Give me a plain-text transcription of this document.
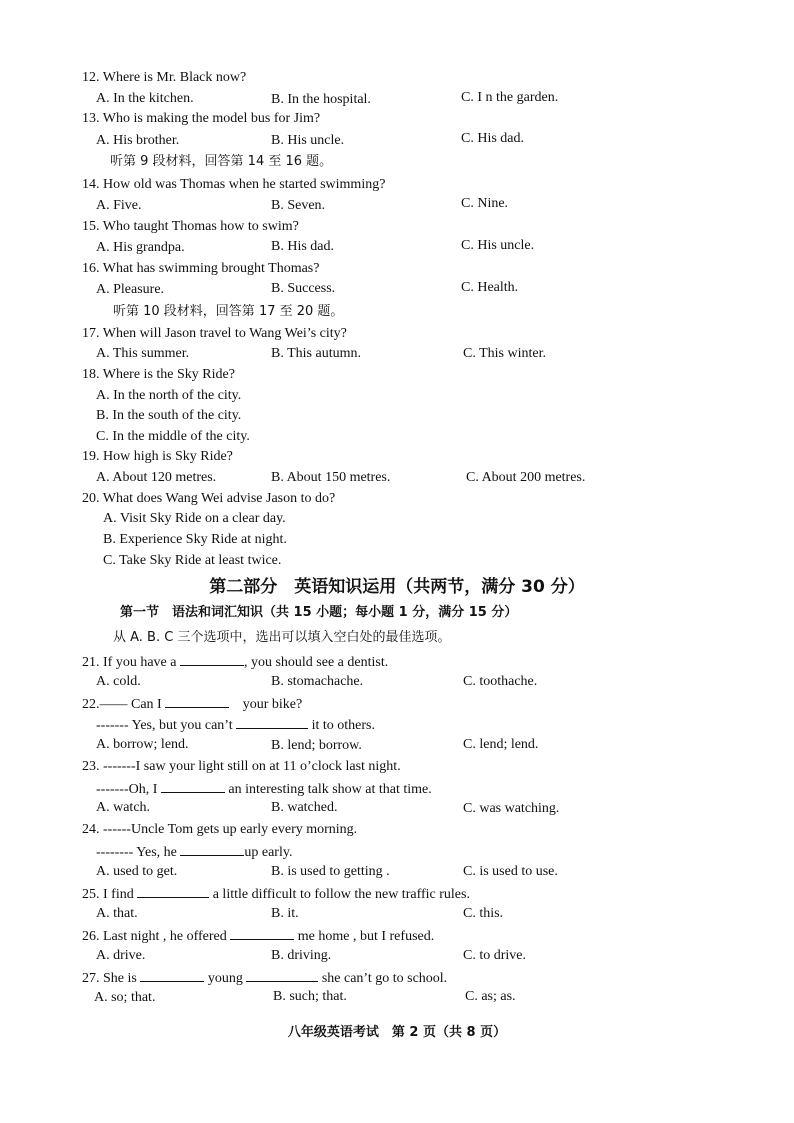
12. Where is Mr. Black now?
A. In the kitchen.	B. In the hospital.	C. I n the garden.
13. Who is making the model bus for Jim?
A. His brother.	B. His uncle.	C. His dad.
听第 9 段材料，回答第 14 至 16 题。
14. How old was Thomas when he started swimming?
A. Five.	B. Seven.	C. Nine.
15. Who taught Thomas how to swim?
A. His grandpa.	B. His dad.	C. His uncle.
16. What has swimming brought Thomas?
A. Pleasure.	B. Success.	C. Health.
听第 10 段材料，回答第 17 至 20 题。
17. When will Jason travel to Wang Wei’s city?
A. This summer.	B. This autumn.	C. This winter.
18. Where is the Sky Ride?
A. In the north of the city.
B. In the south of the city.
C. In the middle of the city.
19. How high is Sky Ride?
A. About 120 metres.	B. About 150 metres.	C. About 200 metres.
20. What does Wang Wei advise Jason to do?
A. Visit Sky Ride on a clear day.
B. Experience Sky Ride at night.
C. Take Sky Ride at least twice.
第二部分　英语知识运用（共两节，满分 30 分）
第一节　语法和词汇知识（共 15 小题；每小题 1 分，满分 15 分）
从 A. B. C 三个选项中，选出可以填入空白处的最佳选项。
21. If you have a	, you should see a dentist.
A. cold.	B. stomachache.	C. toothache.
22.—— Can I	your bike?
------- Yes, but you can’t	it to others.
A. borrow; lend.	B. lend; borrow.	C. lend; lend.
23. -------I saw your light still on at 11 o’clock last night.
-------Oh, I	an interesting talk show at that time.
A. watch.	B. watched.	C. was watching.
24. ------Uncle Tom gets up early every morning.
-------- Yes, he	up early.
A. used to get.	B. is used to getting .	C. is used to use.
25. I find	a little difficult to follow the new traffic rules.
A. that.	B. it.	C. this.
26. Last night , he offered	me home , but I refused.
A. drive.	B. driving.	C. to drive.
27. She is	young	she can’t go to school.
A. so; that.	B. such; that.	C. as; as.
八年级英语考试　第 2 页（共 8 页）
